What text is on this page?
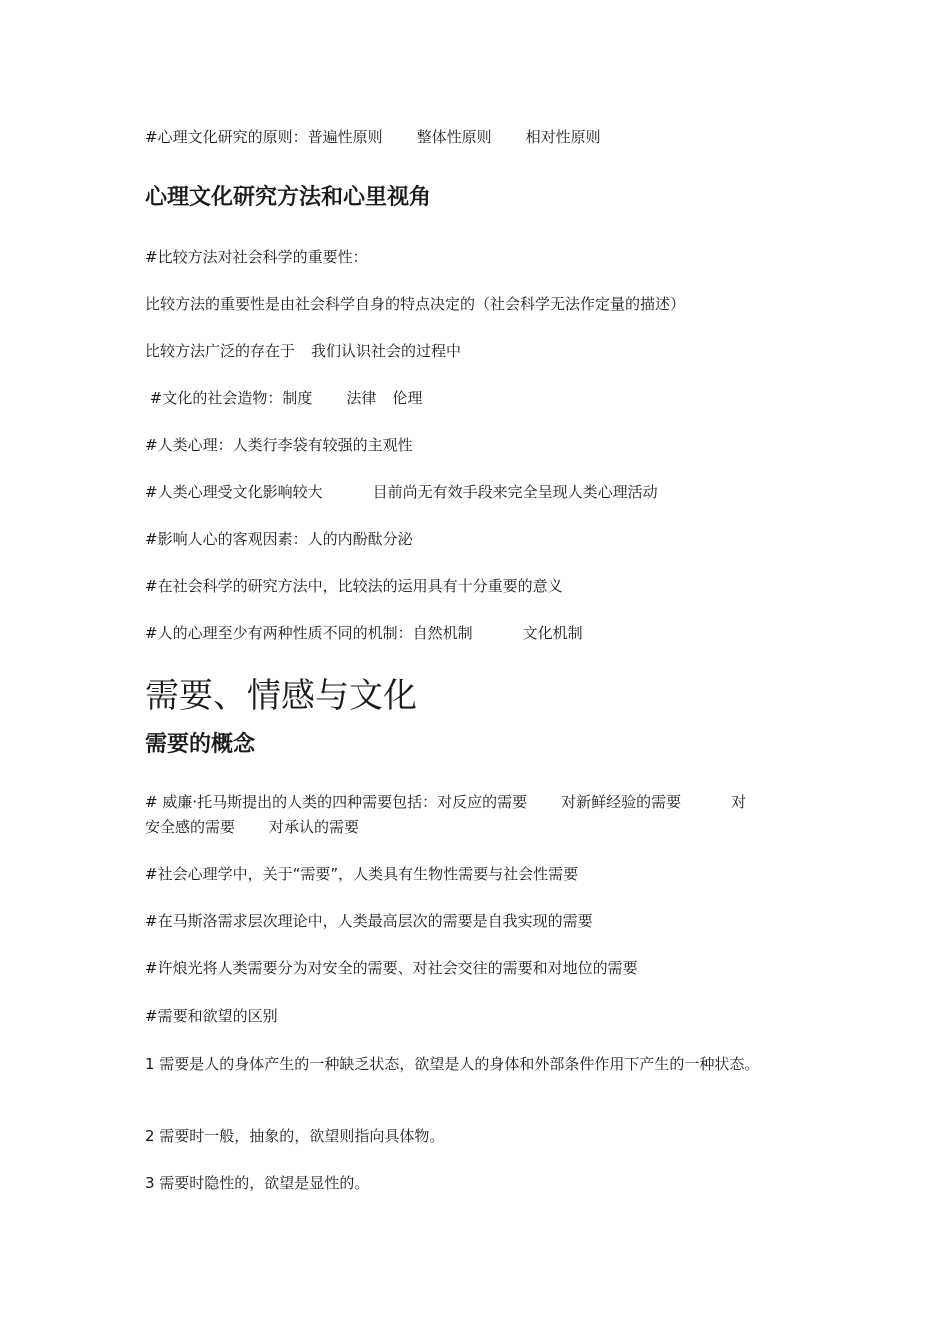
#心理文化研究的原则：普遍性原则 整体性原则 相对性原则

心理文化研究方法和心里视角

#比较方法对社会科学的重要性：

比较方法的重要性是由社会科学自身的特点决定的（社会科学无法作定量的描述）

比较方法广泛的存在于 我们认识社会的过程中

#文化的社会造物：制度 法律 伦理

#人类心理：人类行李袋有较强的主观性

#人类心理受文化影响较大	目前尚无有效手段来完全呈现人类心理活动

#影响人心的客观因素：人的内酚酞分泌

#在社会科学的研究方法中，比较法的运用具有十分重要的意义

#人的心理至少有两种性质不同的机制：自然机制	文化机制

需要、情感与文化
需要的概念

# 威廉·托马斯提出的人类的四种需要包括：对反应的需要 对新鲜经验的需要	对

安全感的需要 对承认的需要

#社会心理学中，关于“需要”，人类具有生物性需要与社会性需要

#在马斯洛需求层次理论中，人类最高层次的需要是自我实现的需要

#许烺光将人类需要分为对安全的需要、对社会交往的需要和对地位的需要

#需要和欲望的区别

1 需要是人的身体产生的一种缺乏状态，欲望是人的身体和外部条件作用下产生的一种状态。

2 需要时一般，抽象的，欲望则指向具体物。

3 需要时隐性的，欲望是显性的。
